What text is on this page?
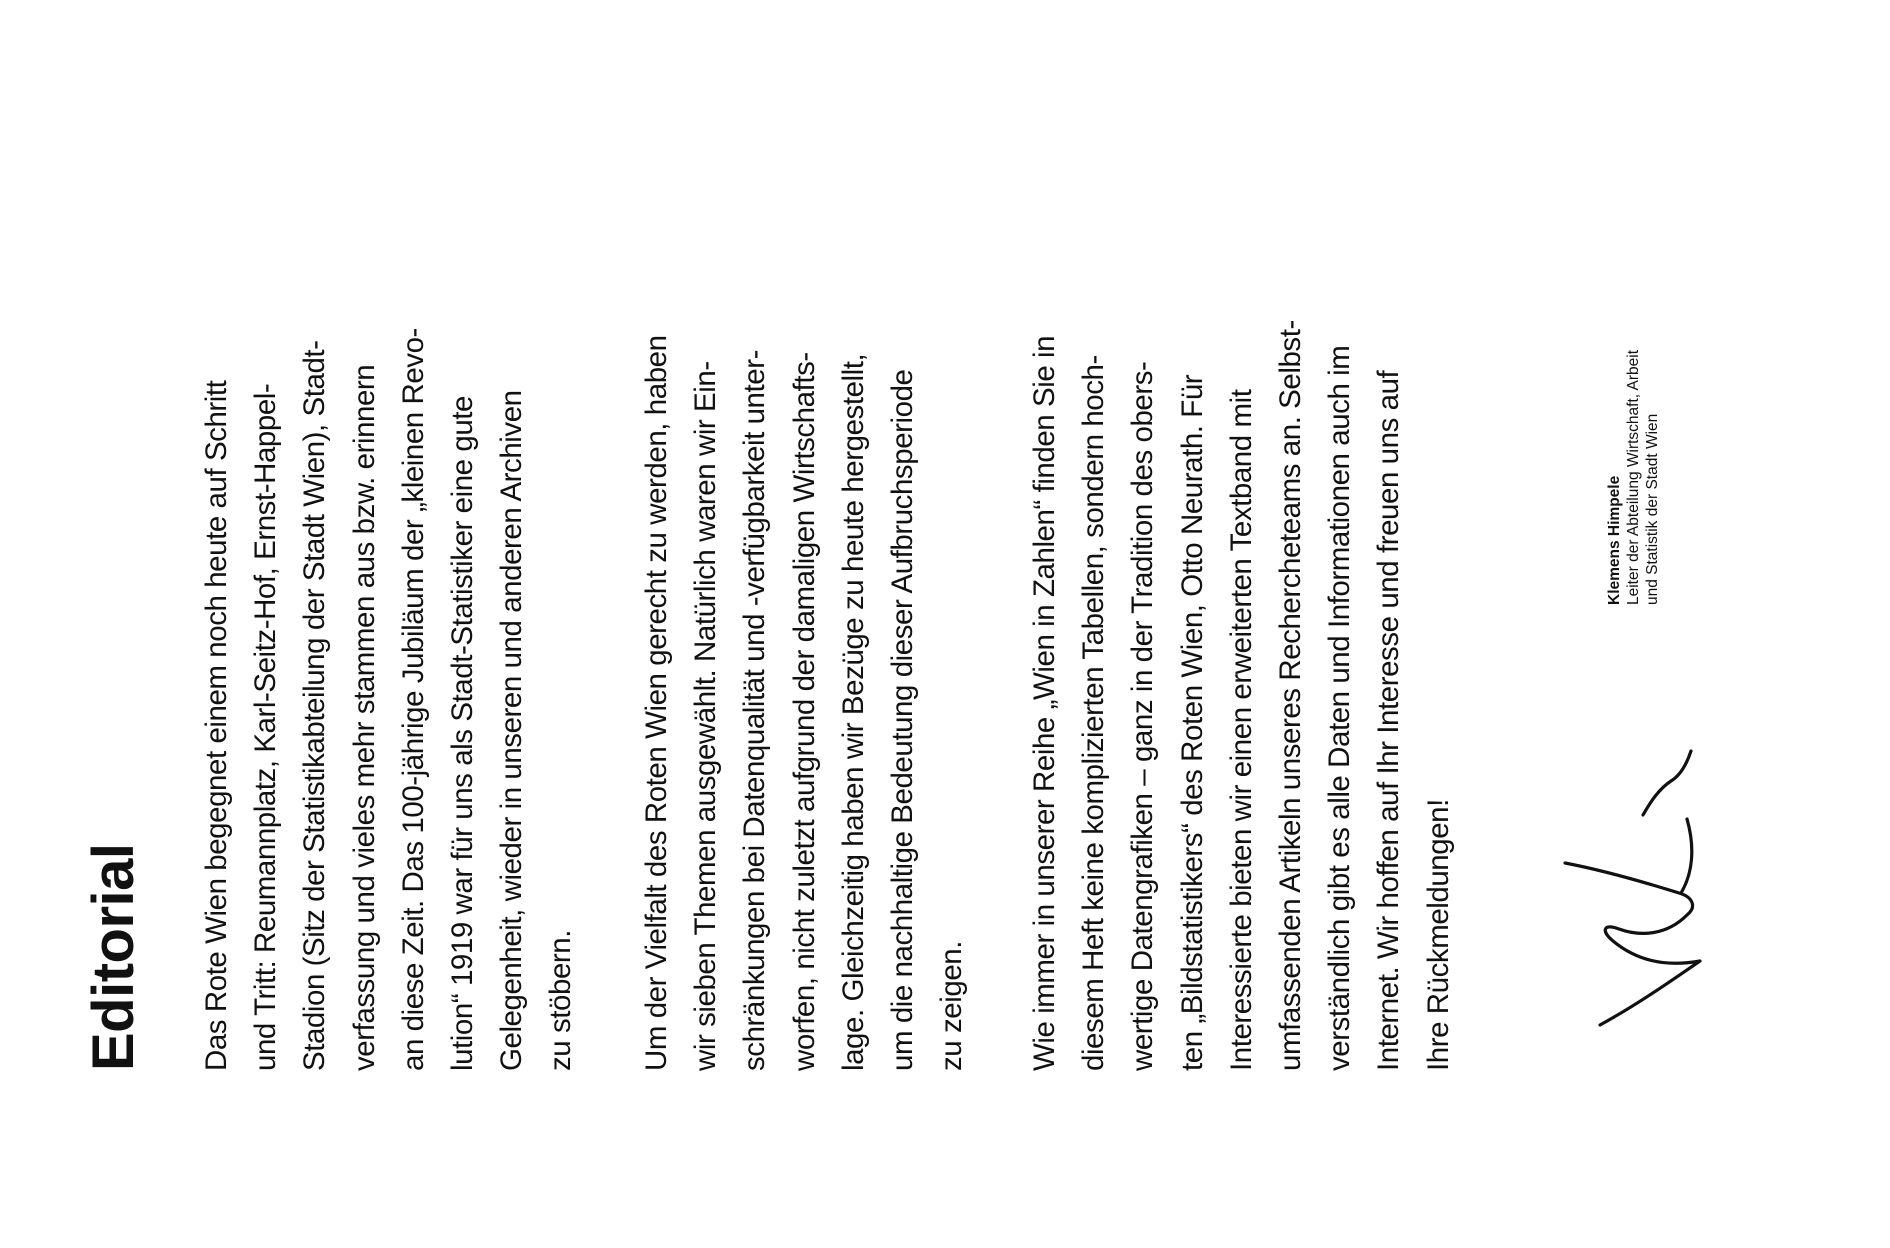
Editorial Das Rote Wien begegnet einem noch heute auf Schritt und Tritt: Reumannplatz, Karl-Seitz-Hof, Ernst-Happel- Stadion (Sitz der Statistikabteilung der Stadt Wien), Stadt- verfassung und vieles mehr stammen aus bzw. erinnern an diese Zeit. Das 100-jährige Jubiläum der „kleinen Revo- lution“ 1919 war für uns als Stadt-Statistiker eine gute Gelegenheit, wieder in unseren und anderen Archiven zu stöbern. Um der Vielfalt des Roten Wien gerecht zu werden, haben wir sieben Themen ausgewählt. Natürlich waren wir Ein- schränkungen bei Datenqualität und -verfügbarkeit unter- worfen, nicht zuletzt aufgrund der damaligen Wirtschafts- lage. Gleichzeitig haben wir Bezüge zu heute hergestellt, um die nachhaltige Bedeutung dieser Aufbruchsperiode zu zeigen. Wie immer in unserer Reihe „Wien in Zahlen“ finden Sie in diesem Heft keine komplizierten Tabellen, sondern hoch- wertige Datengrafiken – ganz in der Tradition des obers- ten „Bildstatistikers“ des Roten Wien, Otto Neurath. Für Interessierte bieten wir einen erweiterten Textband mit umfassenden Artikeln unseres Rechercheteams an. Selbst- verständlich gibt es alle Daten und Informationen auch im Internet. Wir hoffen auf Ihr Interesse und freuen uns auf Ihre Rückmeldungen!

Klemens Himpele Leiter der Abteilung Wirtschaft, Arbeit und Statistik der Stadt Wien
